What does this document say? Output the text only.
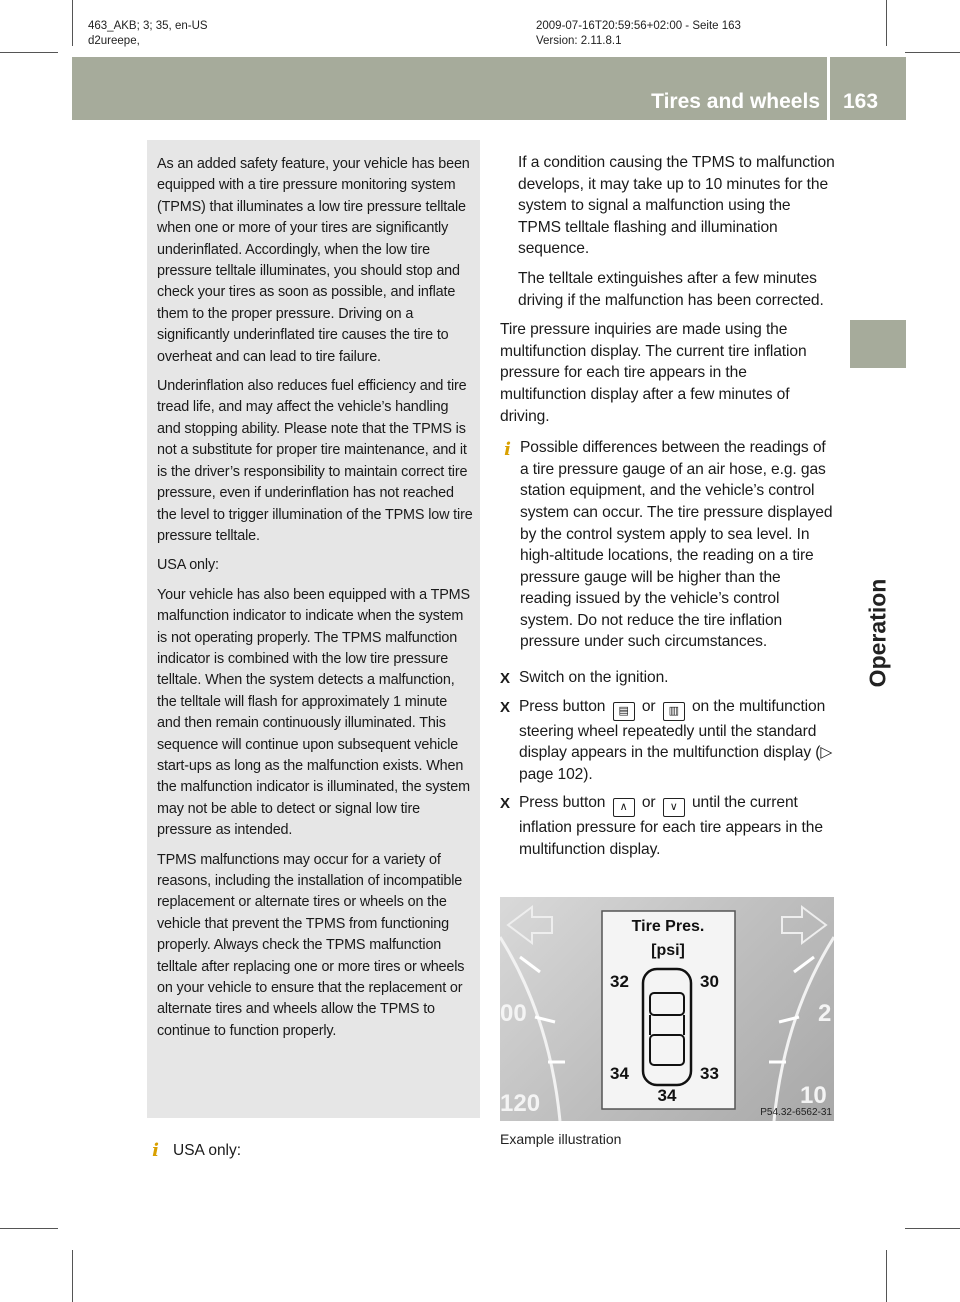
463_AKB; 3; 35, en-US
d2ureepe,
2009-07-16T20:59:56+02:00 - Seite 163
Version: 2.11.8.1
Tires and wheels 163
Operation

As an added safety feature, your vehicle has been equipped with a tire pressure monitoring system (TPMS) that illuminates a low tire pressure telltale when one or more of your tires are significantly underinflated. Accordingly, when the low tire pressure telltale illuminates, you should stop and check your tires as soon as possible, and inflate them to the proper pressure. Driving on a significantly underinflated tire causes the tire to overheat and can lead to tire failure.

Underinflation also reduces fuel efficiency and tire tread life, and may affect the vehicle’s handling and stopping ability. Please note that the TPMS is not a substitute for proper tire maintenance, and it is the driver’s responsibility to maintain correct tire pressure, even if underinflation has not reached the level to trigger illumination of the TPMS low tire pressure telltale.

USA only:

Your vehicle has also been equipped with a TPMS malfunction indicator to indicate when the system is not operating properly. The TPMS malfunction indicator is combined with the low tire pressure telltale. When the system detects a malfunction, the telltale will flash for approximately 1 minute and then remain continuously illuminated. This sequence will continue upon subsequent vehicle start-ups as long as the malfunction exists. When the malfunction indicator is illuminated, the system may not be able to detect or signal low tire pressure as intended.

TPMS malfunctions may occur for a variety of reasons, including the installation of incompatible replacement or alternate tires or wheels on the vehicle that prevent the TPMS from functioning properly. Always check the TPMS malfunction telltale after replacing one or more tires or wheels on your vehicle to ensure that the replacement or alternate tires and wheels allow the TPMS to continue to function properly.

i USA only:

If a condition causing the TPMS to malfunction develops, it may take up to 10 minutes for the system to signal a malfunction using the TPMS telltale flashing and illumination sequence.

The telltale extinguishes after a few minutes driving if the malfunction has been corrected.

Tire pressure inquiries are made using the multifunction display. The current tire inflation pressure for each tire appears in the multifunction display after a few minutes of driving.

i Possible differences between the readings of a tire pressure gauge of an air hose, e.g. gas station equipment, and the vehicle’s control system can occur. The tire pressure displayed by the control system apply to sea level. In high-altitude locations, the reading on a tire pressure gauge will be higher than the reading issued by the vehicle’s control system. Do not reduce the tire inflation pressure under such circumstances.
X Switch on the ignition.
X Press button ▤ or ▥ on the multifunction steering wheel repeatedly until the standard display appears in the multifunction display (▷ page 102).
X Press button ∧ or ∨ until the current inflation pressure for each tire appears in the multifunction display.
00
120
2
10
Tire Pres.
[psi]
32	30
34	33
34
P54.32-6562-31
Example illustration
